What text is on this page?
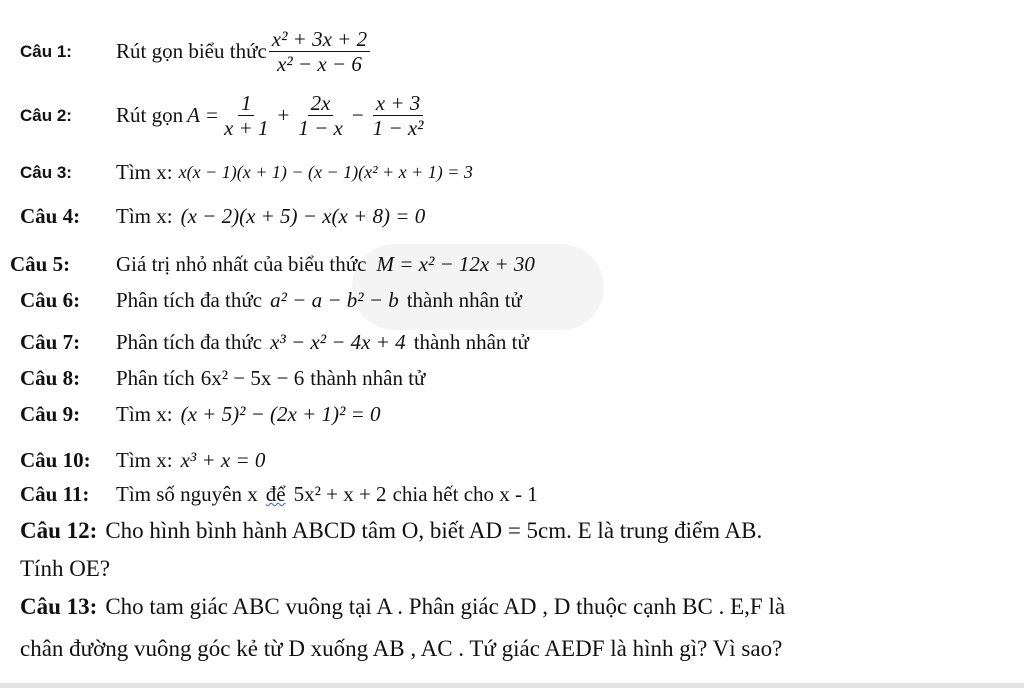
Câu 1:	Rút gọn biểu thức $\frac{\text{x² + 3x + 2}}{\text{x² − x − 6}}$
Câu 2:	Rút gọn $A = \frac{1}{x + 1} + \frac{2x}{1 - x} - \frac{x + 3}{\text{1 − x²}}$
Câu 3:	Tìm x: x(x − 1)(x + 1) − (x − 1)(x² + x + 1) = 3
Câu 4:	Tìm x: (x − 2)(x + 5) − x(x + 8) = 0
Câu 5:	Giá trị nhỏ nhất của biểu thức M = x² − 12x + 30
Câu 6:	Phân tích đa thức a² − a − b² − b thành nhân tử
Câu 7:	Phân tích đa thức x³ − x² − 4x + 4 thành nhân tử
Câu 8:	Phân tích 6x² − 5x − 6 thành nhân tử
Câu 9:	Tìm x: (x + 5)² − (2x + 1)² = 0
Câu 10:	Tìm x: x³ + x = 0
Câu 11:	Tìm số nguyên x để 5x² + x + 2 chia hết cho x - 1
Câu 12: Cho hình bình hành ABCD tâm O, biết AD = 5cm. E là trung điểm AB.
Tính OE?
Câu 13: Cho tam giác ABC vuông tại A . Phân giác AD , D thuộc cạnh BC . E,F là
chân đường vuông góc kẻ từ D xuống AB , AC . Tứ giác AEDF là hình gì? Vì sao?
